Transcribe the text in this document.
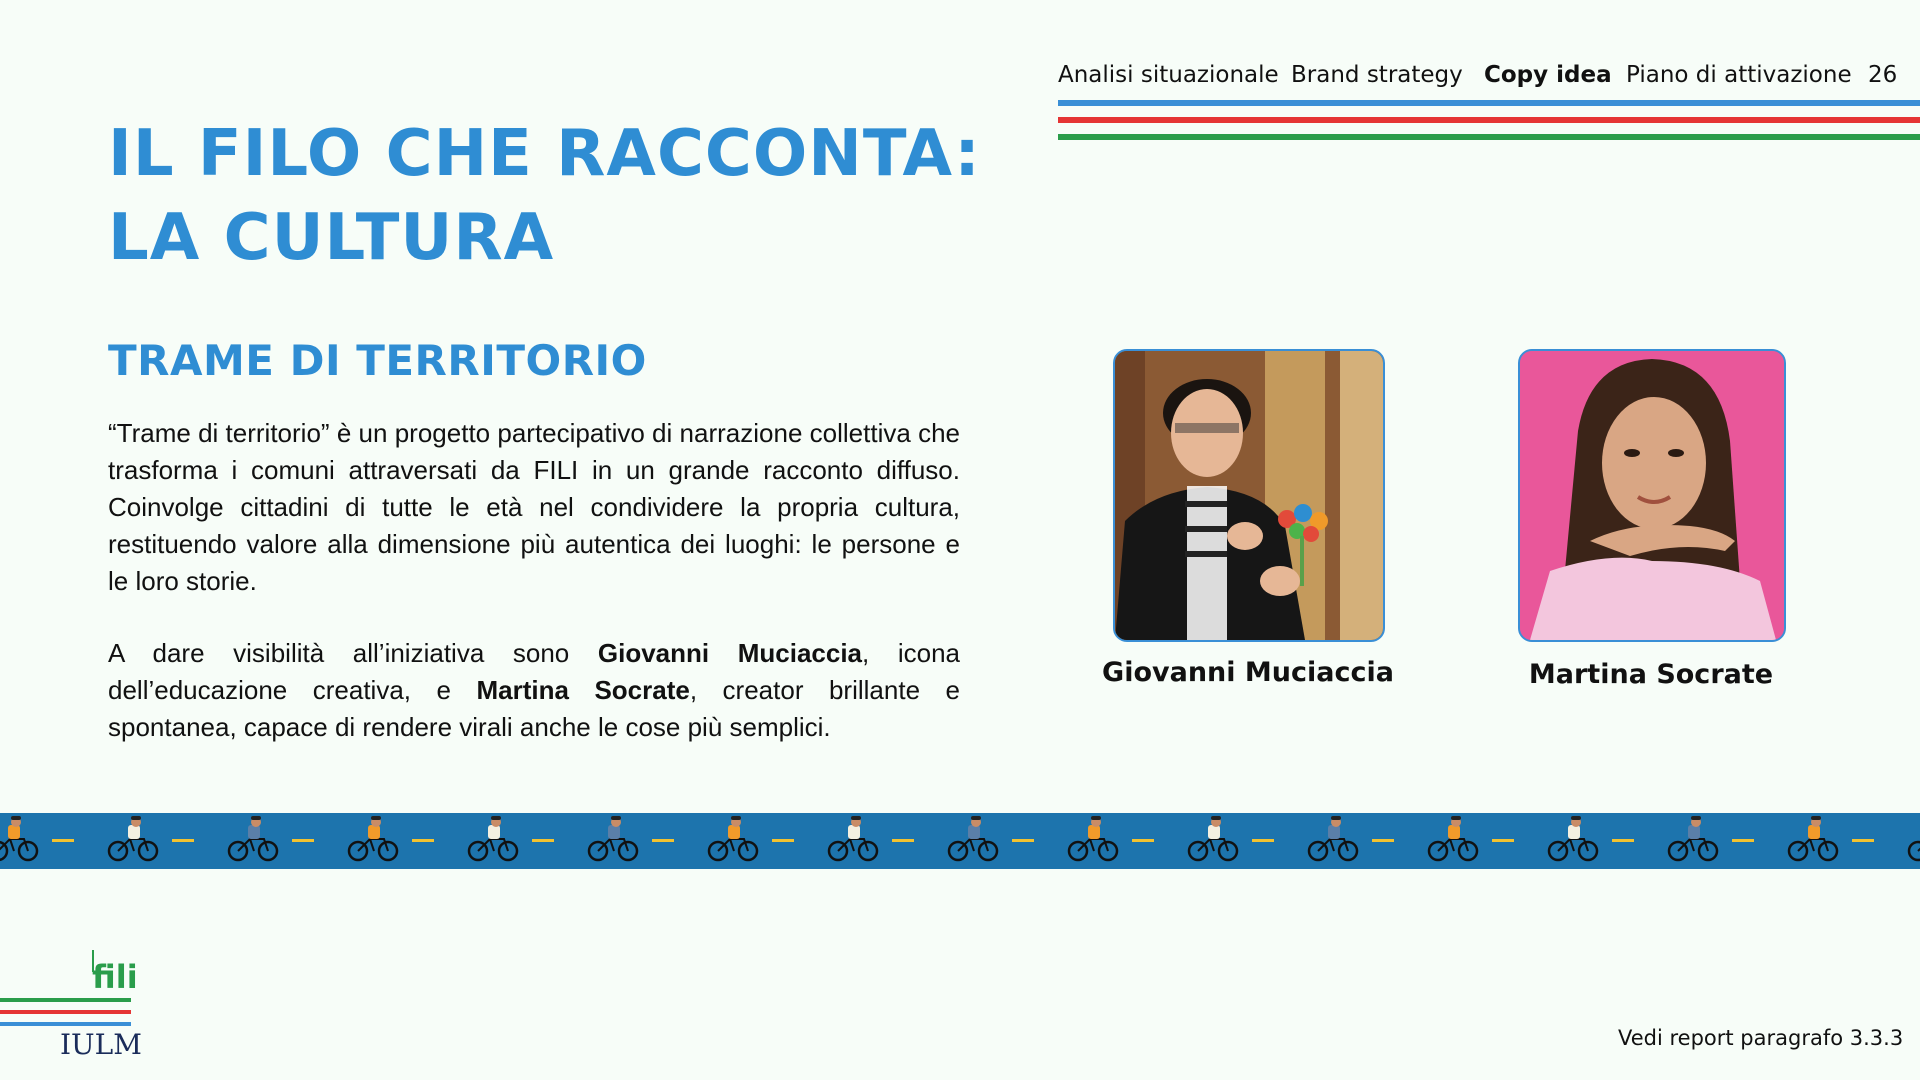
Analisi situazionale Brand strategy Copy idea Piano di attivazione 26
IL FILO CHE RACCONTA:
LA CULTURA
TRAME DI TERRITORIO
“Trame di territorio” è un progetto partecipativo di narrazione collettiva che trasforma i comuni attraversati da FILI in un grande racconto diffuso. Coinvolge cittadini di tutte le età nel condividere la propria cultura, restituendo valore alla dimensione più autentica dei luoghi: le persone e le loro storie.
A dare visibilità all’iniziativa sono Giovanni Muciaccia, icona dell’educazione creativa, e Martina Socrate, creator brillante e spontanea, capace di rendere virali anche le cose più semplici.
Giovanni Muciaccia	Martina Socrate
fili
IULM	Vedi report paragrafo 3.3.3
